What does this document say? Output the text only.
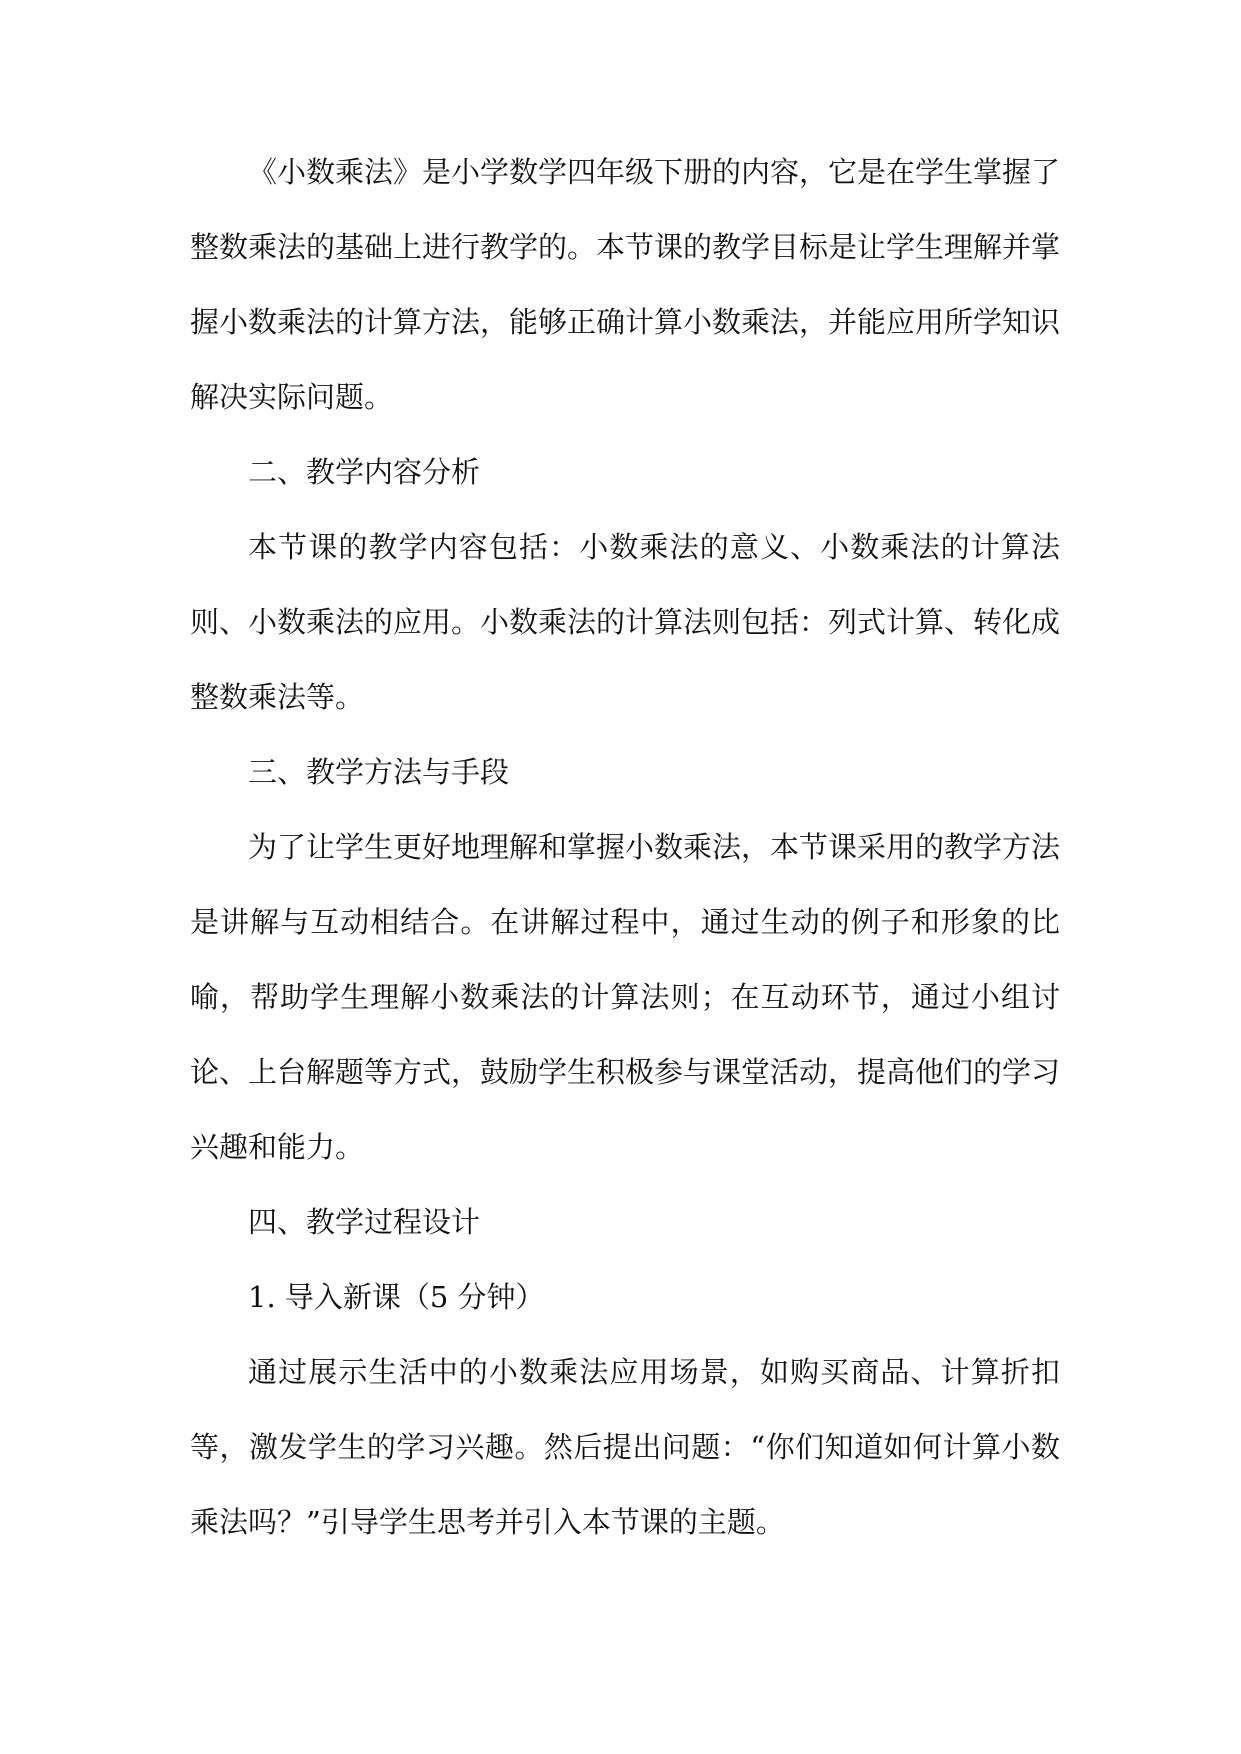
《小数乘法》是小学数学四年级下册的内容，它是在学生掌握了整数乘法的基础上进行教学的。本节课的教学目标是让学生理解并掌握小数乘法的计算方法，能够正确计算小数乘法，并能应用所学知识解决实际问题。

二、教学内容分析

本节课的教学内容包括：小数乘法的意义、小数乘法的计算法则、小数乘法的应用。小数乘法的计算法则包括：列式计算、转化成整数乘法等。

三、教学方法与手段

为了让学生更好地理解和掌握小数乘法，本节课采用的教学方法是讲解与互动相结合。在讲解过程中，通过生动的例子和形象的比喻，帮助学生理解小数乘法的计算法则；在互动环节，通过小组讨论、上台解题等方式，鼓励学生积极参与课堂活动，提高他们的学习兴趣和能力。

四、教学过程设计

1. 导入新课（5 分钟）

通过展示生活中的小数乘法应用场景，如购买商品、计算折扣等，激发学生的学习兴趣。然后提出问题：“你们知道如何计算小数乘法吗？”引导学生思考并引入本节课的主题。
